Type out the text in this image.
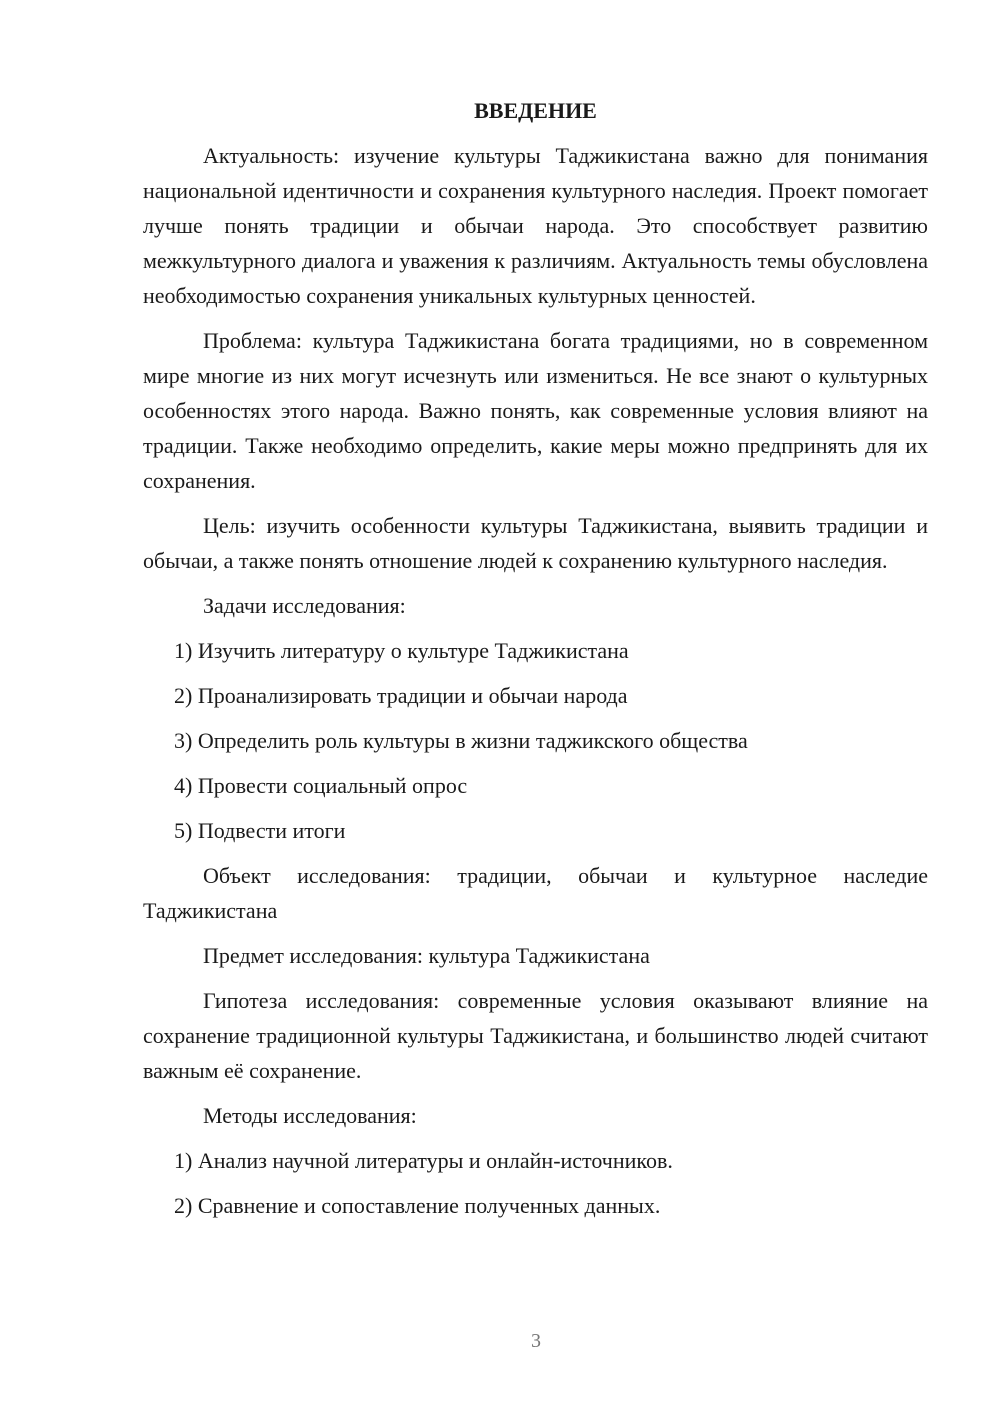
ВВЕДЕНИЕ

Актуальность: изучение культуры Таджикистана важно для понимания национальной идентичности и сохранения культурного наследия. Проект помогает лучше понять традиции и обычаи народа. Это способствует развитию межкультурного диалога и уважения к различиям. Актуальность темы обусловлена необходимостью сохранения уникальных культурных ценностей.

Проблема: культура Таджикистана богата традициями, но в современном мире многие из них могут исчезнуть или измениться. Не все знают о культурных особенностях этого народа. Важно понять, как современные условия влияют на традиции. Также необходимо определить, какие меры можно предпринять для их сохранения.

Цель: изучить особенности культуры Таджикистана, выявить традиции и обычаи, а также понять отношение людей к сохранению культурного наследия.

Задачи исследования:
1) Изучить литературу о культуре Таджикистана
2) Проанализировать традиции и обычаи народа
3) Определить роль культуры в жизни таджикского общества
4) Провести социальный опрос
5) Подвести итоги

Объект исследования: традиции, обычаи и культурное наследие Таджикистана

Предмет исследования: культура Таджикистана

Гипотеза исследования: современные условия оказывают влияние на сохранение традиционной культуры Таджикистана, и большинство людей считают важным её сохранение.

Методы исследования:
1) Анализ научной литературы и онлайн-источников.
2) Сравнение и сопоставление полученных данных.
3
